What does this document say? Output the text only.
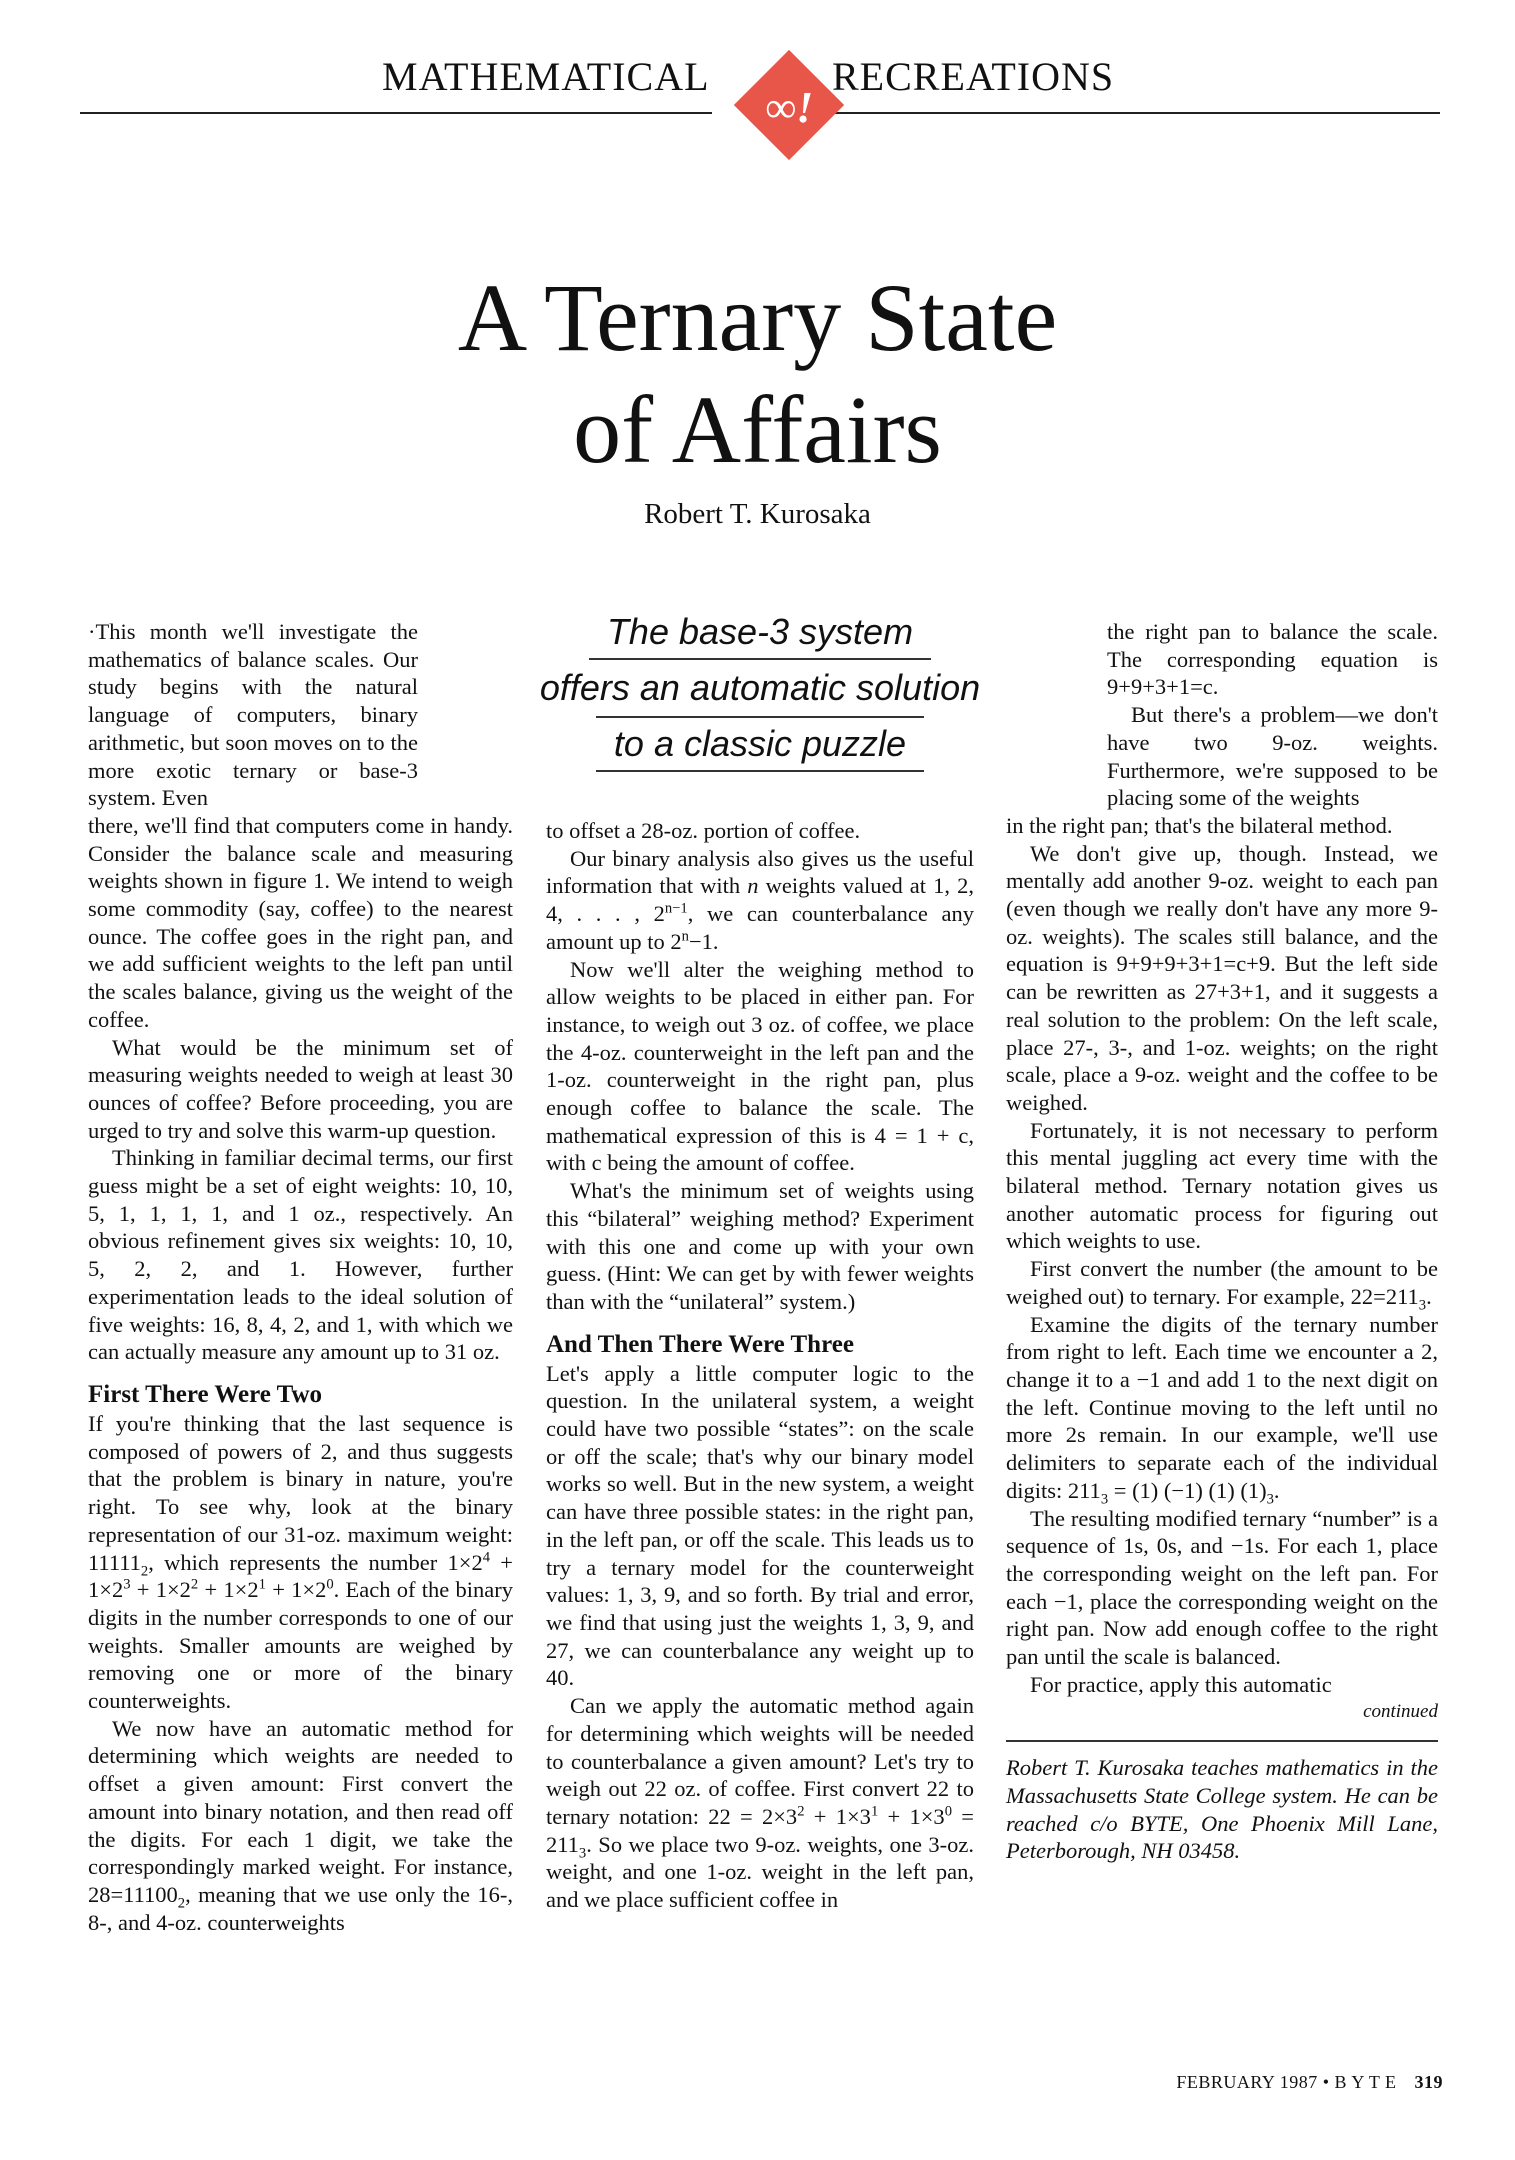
MATHEMATICAL	RECREATIONS
∞!
A Ternary State
of Affairs
Robert T. Kurosaka
The base-3 system
offers an automatic solution
to a classic puzzle

·This month we'll investigate the mathematics of balance scales. Our study begins with the natural language of computers, binary arithmetic, but soon moves on to the more exotic ternary or base-3 system. Even

there, we'll find that computers come in handy. Consider the balance scale and measuring weights shown in figure 1. We intend to weigh some commodity (say, coffee) to the nearest ounce. The coffee goes in the right pan, and we add sufficient weights to the left pan until the scales balance, giving us the weight of the coffee.

What would be the minimum set of measuring weights needed to weigh at least 30 ounces of coffee? Before proceeding, you are urged to try and solve this warm-up question.

Thinking in familiar decimal terms, our first guess might be a set of eight weights: 10, 10, 5, 1, 1, 1, 1, and 1 oz., respectively. An obvious refinement gives six weights: 10, 10, 5, 2, 2, and 1. However, further experimentation leads to the ideal solution of five weights: 16, 8, 4, 2, and 1, with which we can actually measure any amount up to 31 oz.

First There Were Two

If you're thinking that the last sequence is composed of powers of 2, and thus suggests that the problem is binary in nature, you're right. To see why, look at the binary representation of our 31-oz. maximum weight: $11111_2$, which represents the number $1\times 2^4 + 1\times 2^3 + 1\times 2^2 + 1\times 2^1 + 1\times 2^0$. Each of the binary digits in the number corresponds to one of our weights. Smaller amounts are weighed by removing one or more of the binary counterweights.

We now have an automatic method for determining which weights are needed to offset a given amount: First convert the amount into binary notation, and then read off the digits. For each 1 digit, we take the correspondingly marked weight. For instance, $28=11100_2$, meaning that we use only the 16-, 8-, and 4-oz. counterweights

to offset a 28-oz. portion of coffee.

Our binary analysis also gives us the useful information that with n weights valued at 1, 2, 4, . . . , $2^{n-1}$, we can counterbalance any amount up to $2^n-1$.

Now we'll alter the weighing method to allow weights to be placed in either pan. For instance, to weigh out 3 oz. of coffee, we place the 4-oz. counterweight in the left pan and the 1-oz. counterweight in the right pan, plus enough coffee to balance the scale. The mathematical expression of this is 4 = 1 + c, with c being the amount of coffee.

What's the minimum set of weights using this “bilateral” weighing method? Experiment with this one and come up with your own guess. (Hint: We can get by with fewer weights than with the “unilateral” system.)

And Then There Were Three

Let's apply a little computer logic to the question. In the unilateral system, a weight could have two possible “states”: on the scale or off the scale; that's why our binary model works so well. But in the new system, a weight can have three possible states: in the right pan, in the left pan, or off the scale. This leads us to try a ternary model for the counterweight values: 1, 3, 9, and so forth. By trial and error, we find that using just the weights 1, 3, 9, and 27, we can counterbalance any weight up to 40.

Can we apply the automatic method again for determining which weights will be needed to counterbalance a given amount? Let's try to weigh out 22 oz. of coffee. First convert 22 to ternary notation: $22 = 2\times 3^2 + 1\times 3^1 + 1\times 3^0 = 211_3$. So we place two 9-oz. weights, one 3-oz. weight, and one 1-oz. weight in the left pan, and we place sufficient coffee in

the right pan to balance the scale. The corresponding equation is 9+9+3+1=c.

But there's a problem—we don't have two 9-oz. weights. Furthermore, we're supposed to be placing some of the weights

in the right pan; that's the bilateral method.

We don't give up, though. Instead, we mentally add another 9-oz. weight to each pan (even though we really don't have any more 9-oz. weights). The scales still balance, and the equation is 9+9+9+3+1=c+9. But the left side can be rewritten as 27+3+1, and it suggests a real solution to the problem: On the left scale, place 27-, 3-, and 1-oz. weights; on the right scale, place a 9-oz. weight and the coffee to be weighed.

Fortunately, it is not necessary to perform this mental juggling act every time with the bilateral method. Ternary notation gives us another automatic process for figuring out which weights to use.

First convert the number (the amount to be weighed out) to ternary. For example, $22=211_3$.

Examine the digits of the ternary number from right to left. Each time we encounter a 2, change it to a −1 and add 1 to the next digit on the left. Continue moving to the left until no more 2s remain. In our example, we'll use delimiters to separate each of the individual digits: $211_3 = (1)$ (−1) (1) $(1)_3$.

The resulting modified ternary “number” is a sequence of 1s, 0s, and −1s. For each 1, place the corresponding weight on the left pan. For each −1, place the corresponding weight on the right pan. Now add enough coffee to the right pan until the scale is balanced.

For practice, apply this automatic

continued

Robert T. Kurosaka teaches mathematics in the Massachusetts State College system. He can be reached c/o BYTE, One Phoenix Mill Lane, Peterborough, NH 03458.

FEBRUARY 1987 • B Y T E 319
